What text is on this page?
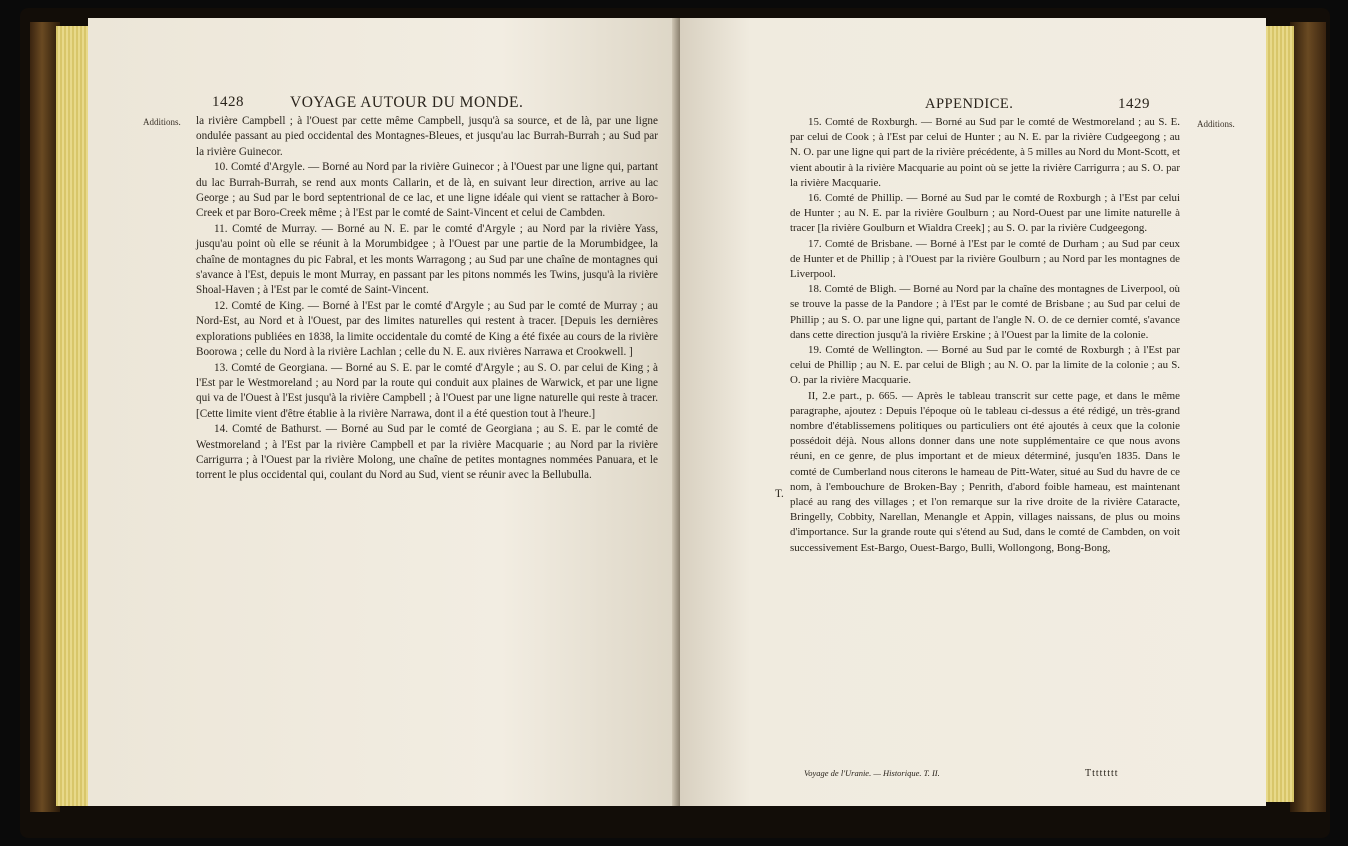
1428	VOYAGE AUTOUR DU MONDE.
Additions. la rivière Campbell ; à l'Ouest par cette même Campbell, jusqu'à sa source, et de là, par une ligne ondulée passant au pied occidental des Montagnes-Bleues, et jusqu'au lac Burrah-Burrah ; au Sud par la rivière Guinecor.

10. Comté d'Argyle. — Borné au Nord par la rivière Guinecor ; à l'Ouest par une ligne qui, partant du lac Burrah-Burrah, se rend aux monts Callarin, et de là, en suivant leur direction, arrive au lac George ; au Sud par le bord septentrional de ce lac, et une ligne idéale qui vient se rattacher à Boro-Creek et par Boro-Creek même ; à l'Est par le comté de Saint-Vincent et celui de Cambden.

11. Comté de Murray. — Borné au N. E. par le comté d'Argyle ; au Nord par la rivière Yass, jusqu'au point où elle se réunit à la Morumbidgee ; à l'Ouest par une partie de la Morumbidgee, la chaîne de montagnes du pic Fabral, et les monts Warragong ; au Sud par une chaîne de montagnes qui s'avance à l'Est, depuis le mont Murray, en passant par les pitons nommés les Twins, jusqu'à la rivière Shoal-Haven ; à l'Est par le comté de Saint-Vincent.

12. Comté de King. — Borné à l'Est par le comté d'Argyle ; au Sud par le comté de Murray ; au Nord-Est, au Nord et à l'Ouest, par des limites naturelles qui restent à tracer. [Depuis les dernières explorations publiées en 1838, la limite occidentale du comté de King a été fixée au cours de la rivière Boorowa ; celle du Nord à la rivière Lachlan ; celle du N. E. aux rivières Narrawa et Crookwell. ]

13. Comté de Georgiana. — Borné au S. E. par le comté d'Argyle ; au S. O. par celui de King ; à l'Est par le Westmoreland ; au Nord par la route qui conduit aux plaines de Warwick, et par une ligne qui va de l'Ouest à l'Est jusqu'à la rivière Campbell ; à l'Ouest par une ligne naturelle qui reste à tracer. [Cette limite vient d'être établie à la rivière Narrawa, dont il a été question tout à l'heure.]

14. Comté de Bathurst. — Borné au Sud par le comté de Georgiana ; au S. E. par le comté de Westmoreland ; à l'Est par la rivière Campbell et par la rivière Macquarie ; au Nord par la rivière Carrigurra ; à l'Ouest par la rivière Molong, une chaîne de petites montagnes nommées Panuara, et le torrent le plus occidental qui, coulant du Nord au Sud, vient se réunir avec la Bellubulla.

APPENDICE.	1429
Additions.

15. Comté de Roxburgh. — Borné au Sud par le comté de Westmoreland ; au S. E. par celui de Cook ; à l'Est par celui de Hunter ; au N. E. par la rivière Cudgeegong ; au N. O. par une ligne qui part de la rivière précédente, à 5 milles au Nord du Mont-Scott, et vient aboutir à la rivière Macquarie au point où se jette la rivière Carrigurra ; au S. O. par la rivière Macquarie.

16. Comté de Phillip. — Borné au Sud par le comté de Roxburgh ; à l'Est par celui de Hunter ; au N. E. par la rivière Goulburn ; au Nord-Ouest par une limite naturelle à tracer [la rivière Goulburn et Wialdra Creek] ; au S. O. par la rivière Cudgeegong.

17. Comté de Brisbane. — Borné à l'Est par le comté de Durham ; au Sud par ceux de Hunter et de Phillip ; à l'Ouest par la rivière Goulburn ; au Nord par les montagnes de Liverpool.

18. Comté de Bligh. — Borné au Nord par la chaîne des montagnes de Liverpool, où se trouve la passe de la Pandore ; à l'Est par le comté de Brisbane ; au Sud par celui de Phillip ; au S. O. par une ligne qui, partant de l'angle N. O. de ce dernier comté, s'avance dans cette direction jusqu'à la rivière Erskine ; à l'Ouest par la limite de la colonie.

19. Comté de Wellington. — Borné au Sud par le comté de Roxburgh ; à l'Est par celui de Phillip ; au N. E. par celui de Bligh ; au N. O. par la limite de la colonie ; au S. O. par la rivière Macquarie.

II, 2.e part., p. 665. — Après le tableau transcrit sur cette page, et dans le même paragraphe, ajoutez : Depuis l'époque où le tableau ci-dessus a été rédigé, un très-grand nombre d'établissemens politiques ou particuliers ont été ajoutés à ceux que la colonie possédoit déjà. Nous allons donner dans une note supplémentaire ce que nous avons réuni, en ce genre, de plus important et de mieux déterminé, jusqu'en 1835. Dans le comté de Cumberland nous citerons le hameau de Pitt-Water, situé au Sud du havre de ce nom, à l'embouchure de Broken-Bay ; Penrith, d'abord foible hameau, est maintenant placé au rang des villages ; et l'on remarque sur la rive droite de la rivière Cataracte, Bringelly, Cobbity, Narellan, Menangle et Appin, villages naissans, de plus ou moins d'importance. Sur la grande route qui s'étend au Sud, dans le comté de Cambden, on voit successivement Est-Bargo, Ouest-Bargo, Bulli, Wollongong, Bong-Bong,

T.
Voyage de l'Uranie. — Historique. T. II.	Tttttttt
